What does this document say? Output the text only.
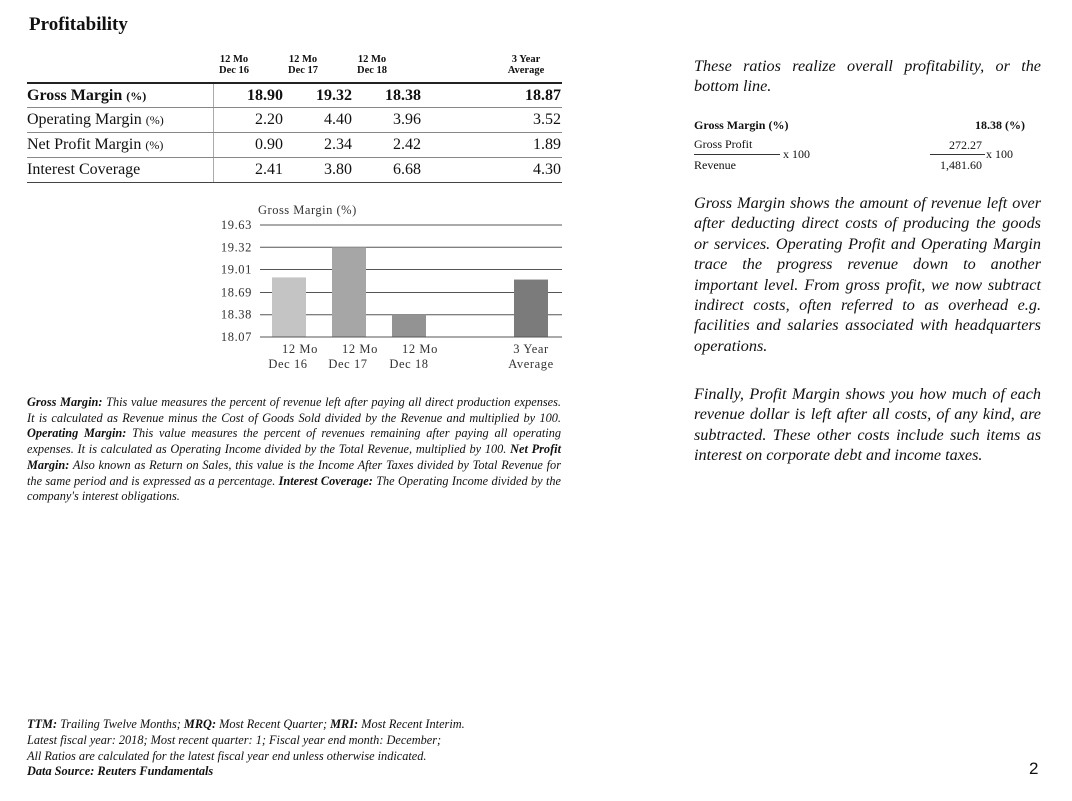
Profitability
12 Mo
Dec 16
12 Mo
Dec 17
12 Mo
Dec 18
3 Year
Average
Gross Margin (%)	18.90	19.32	18.38	18.87
Operating Margin (%)	2.20	4.40	3.96	3.52
Net Profit Margin (%)	0.90	2.34	2.42	1.89
Interest Coverage	2.41	3.80	6.68	4.30
Gross Margin (%)
19.63
19.32
19.01
18.69
18.38
18.07
12 Mo 12 Mo 12 Mo	3 Year
Dec 16 Dec 17 Dec 18	Average
Gross Margin: This value measures the percent of revenue left after paying all direct production expenses. It is calculated as Revenue minus the Cost of Goods Sold divided by the Revenue and multiplied by 100. Operating Margin: This value measures the percent of revenues remaining after paying all operating expenses. It is calculated as Operating Income divided by the Total Revenue, multiplied by 100. Net Profit Margin: Also known as Return on Sales, this value is the Income After Taxes divided by Total Revenue for the same period and is expressed as a percentage. Interest Coverage: The Operating Income divided by the company's interest obligations.
TTM: Trailing Twelve Months; MRQ: Most Recent Quarter; MRI: Most Recent Interim.
Latest fiscal year: 2018; Most recent quarter: 1; Fiscal year end month: December;
All Ratios are calculated for the latest fiscal year end unless otherwise indicated.
Data Source: Reuters Fundamentals	2
These ratios realize overall profitability, or the bottom line.
Gross Margin (%)	18.38 (%)
Gross Profit
x 100
Revenue
272.27
x 100
1,481.60
Gross Margin shows the amount of revenue left over after deducting direct costs of producing the goods or services. Operating Profit and Operating Margin trace the progress revenue down to another important level. From gross profit, we now subtract indirect costs, often referred to as overhead e.g. facilities and salaries associated with headquarters operations.
Finally, Profit Margin shows you how much of each revenue dollar is left after all costs, of any kind, are subtracted. These other costs include such items as interest on corporate debt and income taxes.
